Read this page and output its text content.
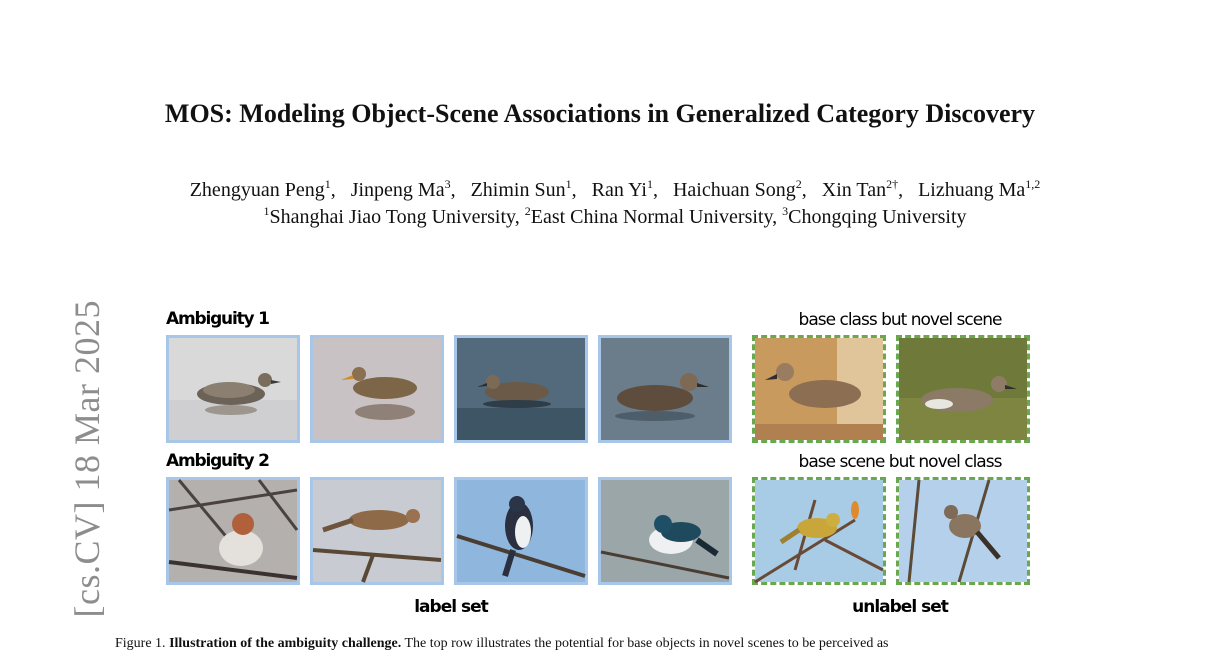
[cs.CV] 18 Mar 2025
MOS: Modeling Object-Scene Associations in Generalized Category Discovery
Zhengyuan Peng$^1$, Jinpeng Ma$^3$, Zhimin Sun$^1$, Ran Yi$^1$, Haichuan Song$^2$, Xin Tan$^{2\dagger}$, Lizhuang Ma$^{1,2}$
$^1$Shanghai Jiao Tong University, $^2$East China Normal University, $^3$Chongqing University
Ambiguity 1
Ambiguity 2
base class but novel scene
base scene but novel class
label set	unlabel set
Figure 1. Illustration of the ambiguity challenge. The top row illustrates the potential for base objects in novel scenes to be perceived as
